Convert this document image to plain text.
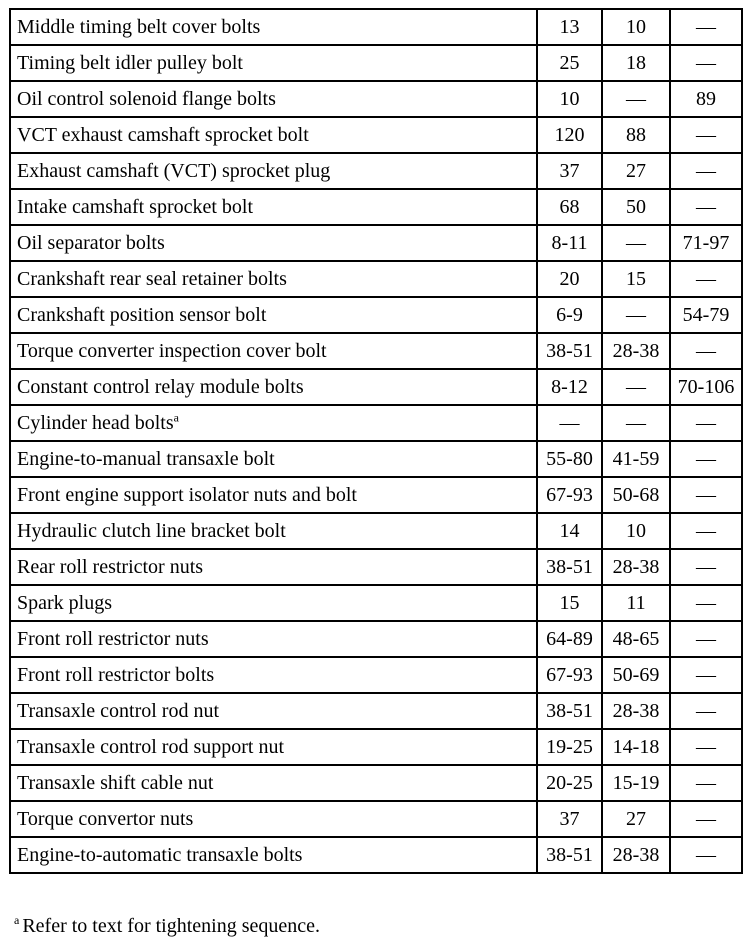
Middle timing belt cover bolts	13	10	—
Timing belt idler pulley bolt	25	18	—
Oil control solenoid flange bolts	10	—	89
VCT exhaust camshaft sprocket bolt	120	88	—
Exhaust camshaft (VCT) sprocket plug	37	27	—
Intake camshaft sprocket bolt	68	50	—
Oil separator bolts	8-11	—	71-97
Crankshaft rear seal retainer bolts	20	15	—
Crankshaft position sensor bolt	6-9	—	54-79
Torque converter inspection cover bolt	38-51	28-38	—
Constant control relay module bolts	8-12	—	70-106
Cylinder head bolts$^a$	—	—	—
Engine-to-manual transaxle bolt	55-80	41-59	—
Front engine support isolator nuts and bolt	67-93	50-68	—
Hydraulic clutch line bracket bolt	14	10	—
Rear roll restrictor nuts	38-51	28-38	—
Spark plugs	15	11	—
Front roll restrictor nuts	64-89	48-65	—
Front roll restrictor bolts	67-93	50-69	—
Transaxle control rod nut	38-51	28-38	—
Transaxle control rod support nut	19-25	14-18	—
Transaxle shift cable nut	20-25	15-19	—
Torque convertor nuts	37	27	—
Engine-to-automatic transaxle bolts	38-51	28-38	—
$^a$ Refer to text for tightening sequence.
